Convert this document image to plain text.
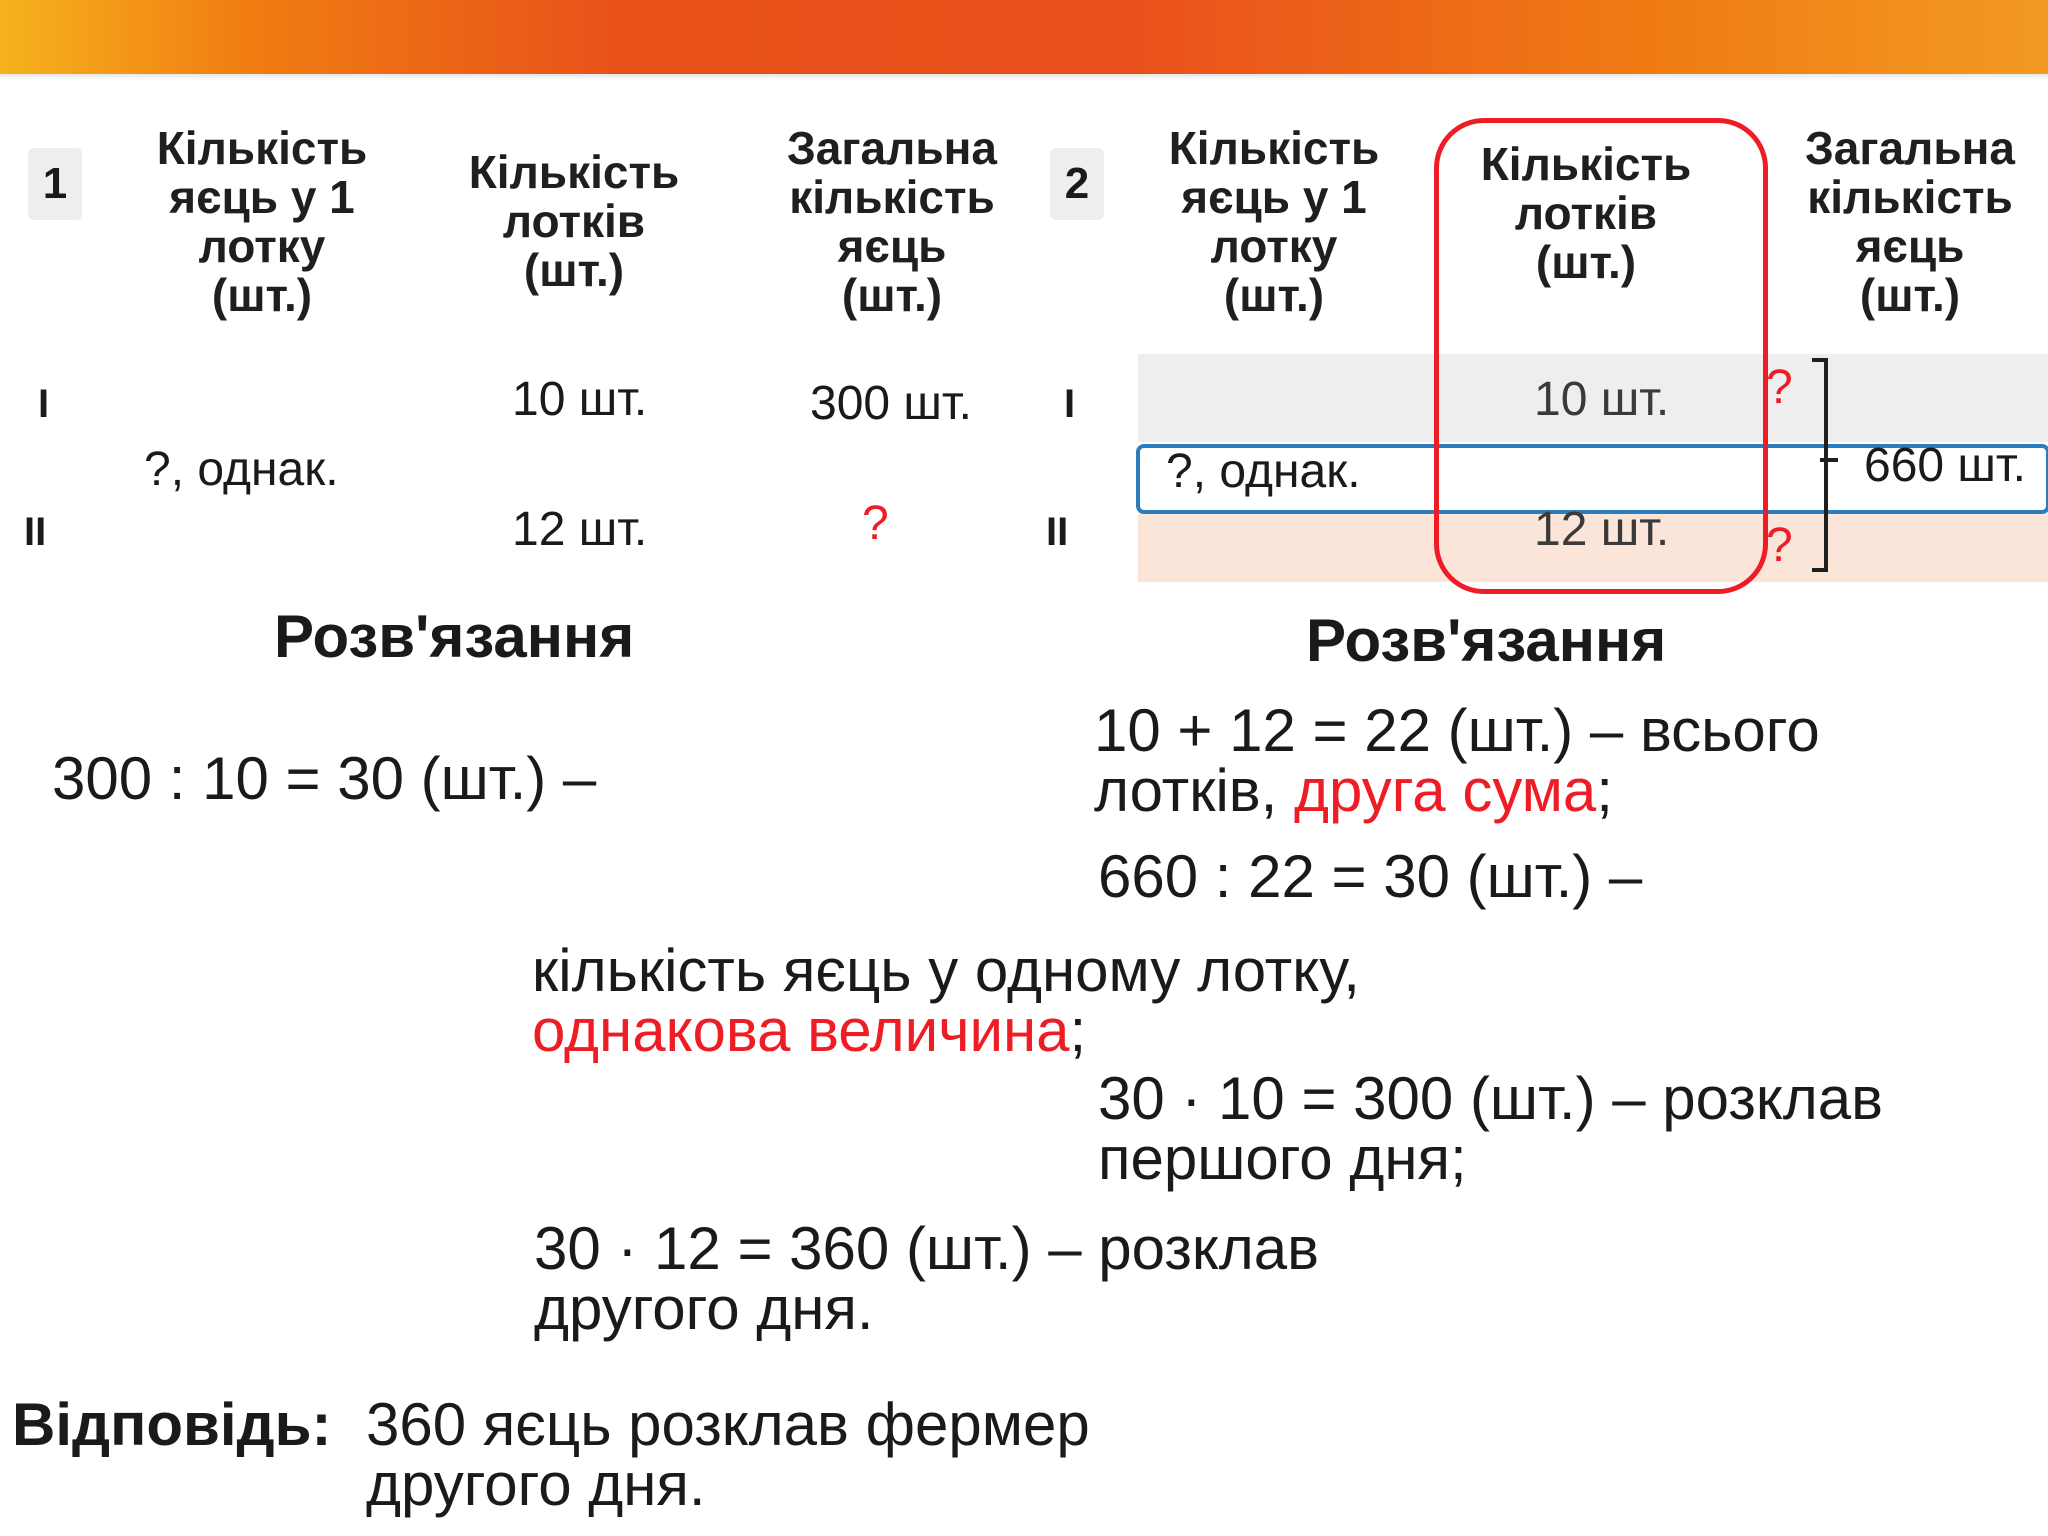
1
Кількість
яєць у 1
лотку
(шт.)
Кількість
лотків
(шт.)
Загальна
кількість
яєць
(шт.)
I
II
?, однак.
10 шт.
12 шт.
300 шт.
?
2
Кількість
яєць у 1
лотку
(шт.)
Кількість
лотків
(шт.)
Загальна
кількість
яєць
(шт.)
I
II
?, однак.
10 шт.
12 шт.
?
?
660 шт.
Розв'язання	Розв'язання
300 : 10 = 30 (шт.) –
10 + 12 = 22 (шт.) – всього
лотків, друга сума;
660 : 22 = 30 (шт.) –
кількість яєць у одному лотку,
однакова величина;
30 · 10 = 300 (шт.) – розклав
першого дня;
30 · 12 = 360 (шт.) – розклав
другого дня.
Відповідь: 360 яєць розклав фермер
другого дня.
